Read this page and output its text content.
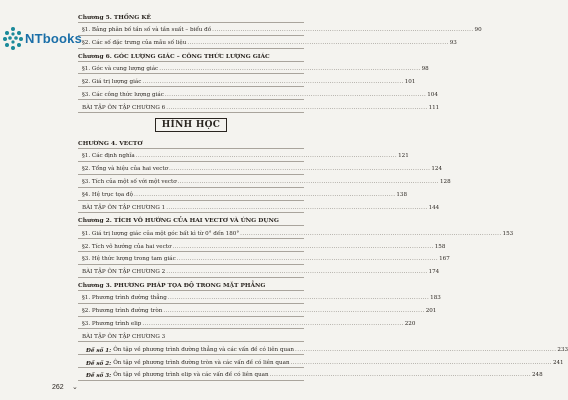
NTbooks
Chương 5. THỐNG KÊ
§1. Bảng phân bố tần số và tần suất – biểu đồ ........................................................................................................................ 90
§2. Các số đặc trưng của mẫu số liệu ........................................................................................................................ 93
Chương 6. GÓC LƯỢNG GIÁC – CÔNG THỨC LƯỢNG GIÁC
§1. Góc và cung lượng giác ........................................................................................................................ 98
§2. Giá trị lượng giác ........................................................................................................................ 101
§3. Các công thức lượng giác ........................................................................................................................ 104
BÀI TẬP ÔN TẬP CHƯƠNG 6 ........................................................................................................................ 111
HÌNH HỌC
CHƯƠNG 4. VECTƠ
§1. Các định nghĩa ........................................................................................................................ 121
§2. Tổng và hiệu của hai vectơ ........................................................................................................................ 124
§3. Tích của một số với một vectơ ........................................................................................................................ 128
§4. Hệ trục tọa độ ........................................................................................................................ 138
BÀI TẬP ÔN TẬP CHƯƠNG 1 ........................................................................................................................ 144
Chương 2. TÍCH VÔ HƯỚNG CỦA HAI VECTƠ VÀ ỨNG DỤNG
§1. Giá trị lượng giác của một góc bất kì từ 0° đến 180° ........................................................................................................................ 153
§2. Tích vô hướng của hai vectơ ........................................................................................................................ 158
§3. Hệ thức lượng trong tam giác ........................................................................................................................ 167
BÀI TẬP ÔN TẬP CHƯƠNG 2 ........................................................................................................................ 174
Chương 3. PHƯƠNG PHÁP TỌA ĐỘ TRONG MẶT PHẲNG
§1. Phương trình đường thẳng ........................................................................................................................ 183
§2. Phương trình đường tròn ........................................................................................................................ 201
§3. Phương trình elip ........................................................................................................................ 220
BÀI TẬP ÔN TẬP CHƯƠNG 3
Đề số 1: Ôn tập về phương trình đường thẳng và các vấn đề có liên quan ........................................................................................................................ 233
Đề số 2: Ôn tập về phương trình đường tròn và các vấn đề có liên quan ........................................................................................................................ 241
Đề số 3: Ôn tập về phương trình elip và các vấn đề có liên quan ........................................................................................................................ 248
262 ⌄
